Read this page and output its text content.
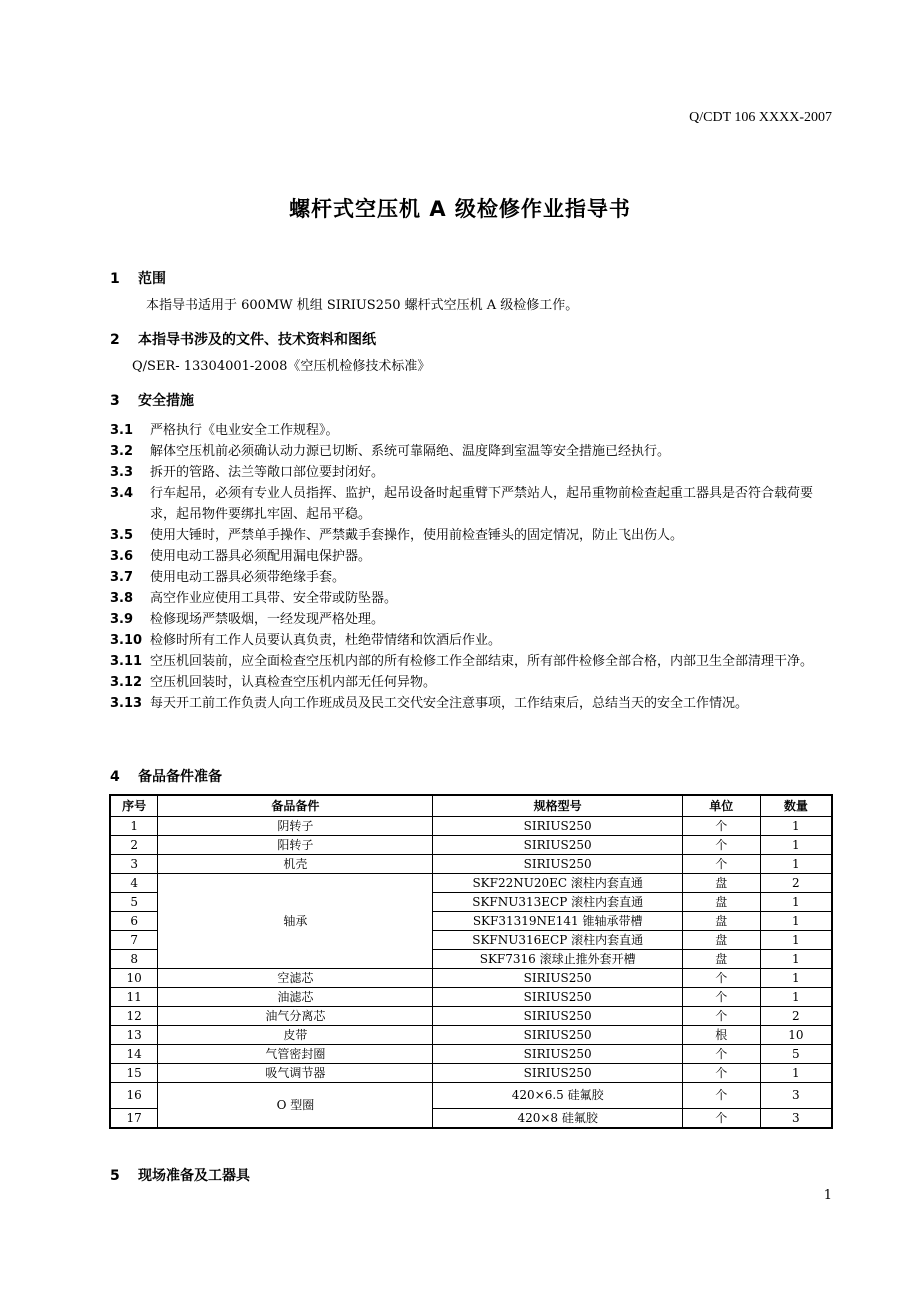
Q/CDT 106 XXXX-2007
螺杆式空压机 A 级检修作业指导书
1 范围
本指导书适用于 600MW 机组 SIRIUS250 螺杆式空压机 A 级检修工作。
2 本指导书涉及的文件、技术资料和图纸
Q/SER- 13304001-2008《空压机检修技术标准》
3 安全措施
3.1	严格执行《电业安全工作规程》。
3.2	解体空压机前必须确认动力源已切断、系统可靠隔绝、温度降到室温等安全措施已经执行。
3.3	拆开的管路、法兰等敞口部位要封闭好。
3.4	行车起吊，必须有专业人员指挥、监护，起吊设备时起重臂下严禁站人，起吊重物前检查起重工器具是否符合载荷要求，起吊物件要绑扎牢固、起吊平稳。
3.5	使用大锤时，严禁单手操作、严禁戴手套操作，使用前检查锤头的固定情况，防止飞出伤人。
3.6	使用电动工器具必须配用漏电保护器。
3.7	使用电动工器具必须带绝缘手套。
3.8	高空作业应使用工具带、安全带或防坠器。
3.9	检修现场严禁吸烟，一经发现严格处理。
3.10 检修时所有工作人员要认真负责，杜绝带情绪和饮酒后作业。
3.11 空压机回装前，应全面检查空压机内部的所有检修工作全部结束，所有部件检修全部合格，内部卫生全部清理干净。
3.12 空压机回装时，认真检查空压机内部无任何异物。
3.13 每天开工前工作负责人向工作班成员及民工交代安全注意事项，工作结束后，总结当天的安全工作情况。
4 备品备件准备
序号	备品备件	规格型号	单位	数量
1	阴转子	SIRIUS250	个	1
2	阳转子	SIRIUS250	个	1
3	机壳	SIRIUS250	个	1
4	轴承	SKF22NU20EC 滚柱内套直通	盘	2
5		SKFNU313ECP 滚柱内套直通	盘	1
6		SKF31319NE141 锥轴承带槽	盘	1
7		SKFNU316ECP 滚柱内套直通	盘	1
8		SKF7316 滚球止推外套开槽	盘	1
10	空滤芯	SIRIUS250	个	1
11	油滤芯	SIRIUS250	个	1
12	油气分离芯	SIRIUS250	个	2
13	皮带	SIRIUS250	根	10
14	气管密封圈	SIRIUS250	个	5
15	吸气调节器	SIRIUS250	个	1
16	O 型圈	420×6.5 硅氟胶	个	3
17		420×8 硅氟胶	个	3
5 现场准备及工器具
1
